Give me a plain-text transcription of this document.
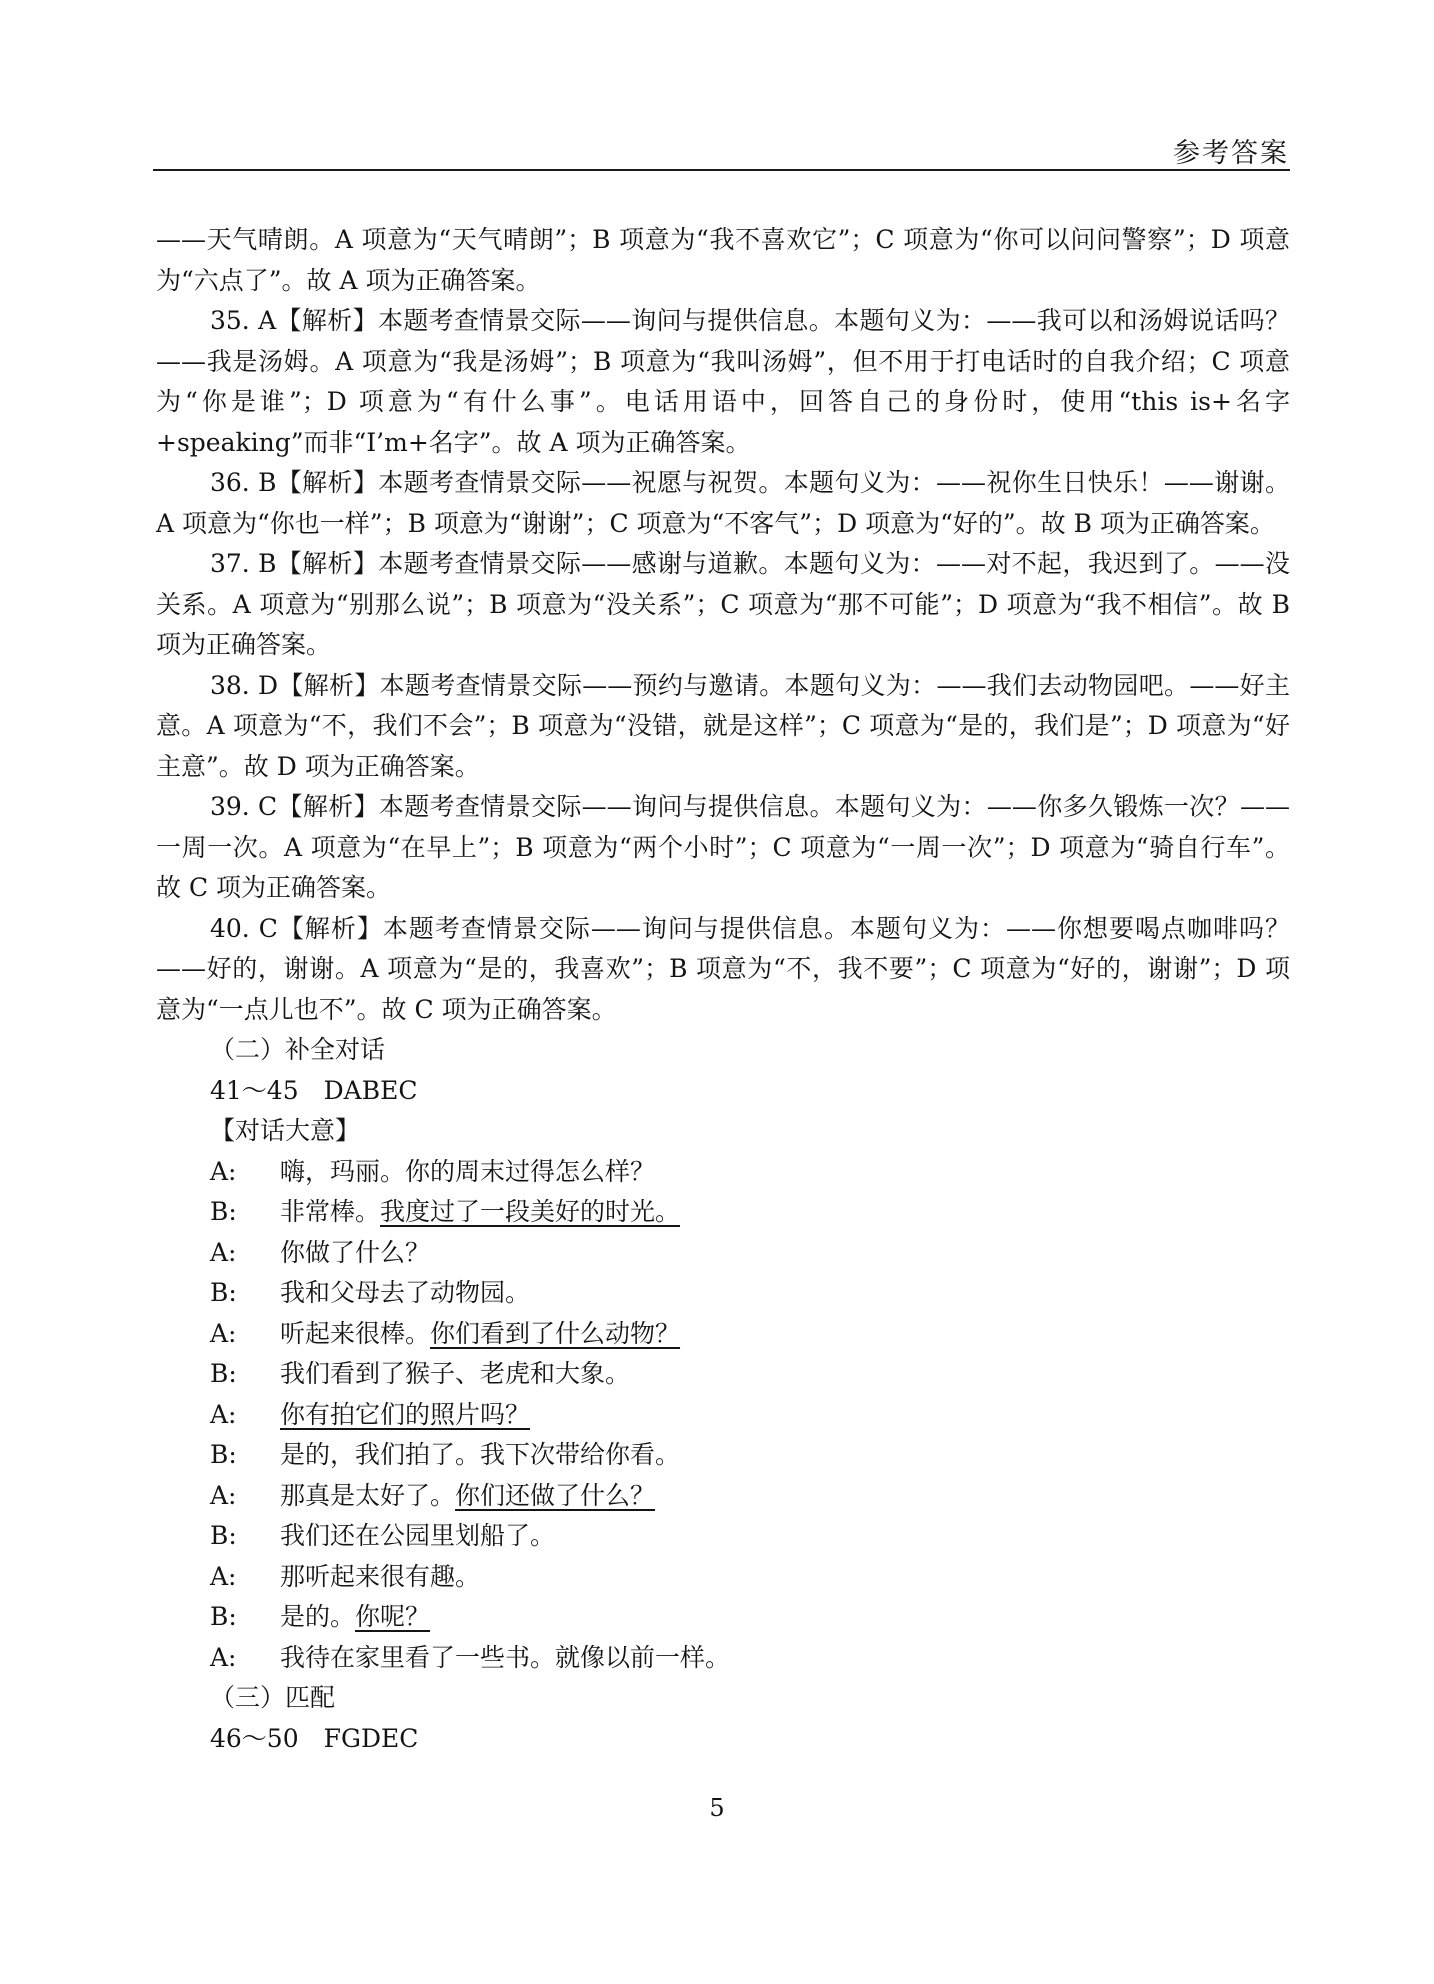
参考答案

——天气晴朗。A 项意为“天气晴朗”；B 项意为“我不喜欢它”；C 项意为“你可以问问警察”；D 项意为“六点了”。故 A 项为正确答案。

35. A【解析】本题考查情景交际——询问与提供信息。本题句义为：——我可以和汤姆说话吗？——我是汤姆。A 项意为“我是汤姆”；B 项意为“我叫汤姆”，但不用于打电话时的自我介绍；C 项意为“你是谁”；D 项意为“有什么事”。电话用语中，回答自己的身份时，使用“this is+名字+speaking”而非“I’m+名字”。故 A 项为正确答案。

36. B【解析】本题考查情景交际——祝愿与祝贺。本题句义为：——祝你生日快乐！——谢谢。A 项意为“你也一样”；B 项意为“谢谢”；C 项意为“不客气”；D 项意为“好的”。故 B 项为正确答案。

37. B【解析】本题考查情景交际——感谢与道歉。本题句义为：——对不起，我迟到了。——没关系。A 项意为“别那么说”；B 项意为“没关系”；C 项意为“那不可能”；D 项意为“我不相信”。故 B 项为正确答案。

38. D【解析】本题考查情景交际——预约与邀请。本题句义为：——我们去动物园吧。——好主意。A 项意为“不，我们不会”；B 项意为“没错，就是这样”；C 项意为“是的，我们是”；D 项意为“好主意”。故 D 项为正确答案。

39. C【解析】本题考查情景交际——询问与提供信息。本题句义为：——你多久锻炼一次？——一周一次。A 项意为“在早上”；B 项意为“两个小时”；C 项意为“一周一次”；D 项意为“骑自行车”。故 C 项为正确答案。

40. C【解析】本题考查情景交际——询问与提供信息。本题句义为：——你想要喝点咖啡吗？——好的，谢谢。A 项意为“是的，我喜欢”；B 项意为“不，我不要”；C 项意为“好的，谢谢”；D 项意为“一点儿也不”。故 C 项为正确答案。

（二）补全对话

41～45　DABEC

【对话大意】

A:	嗨，玛丽。你的周末过得怎么样？
B:	非常棒。我度过了一段美好的时光。
A:	你做了什么？
B:	我和父母去了动物园。
A:	听起来很棒。你们看到了什么动物？
B:	我们看到了猴子、老虎和大象。
A:	你有拍它们的照片吗？
B:	是的，我们拍了。我下次带给你看。
A:	那真是太好了。你们还做了什么？
B:	我们还在公园里划船了。
A:	那听起来很有趣。
B:	是的。你呢？
A:	我待在家里看了一些书。就像以前一样。

（三）匹配

46～50　FGDEC

5
